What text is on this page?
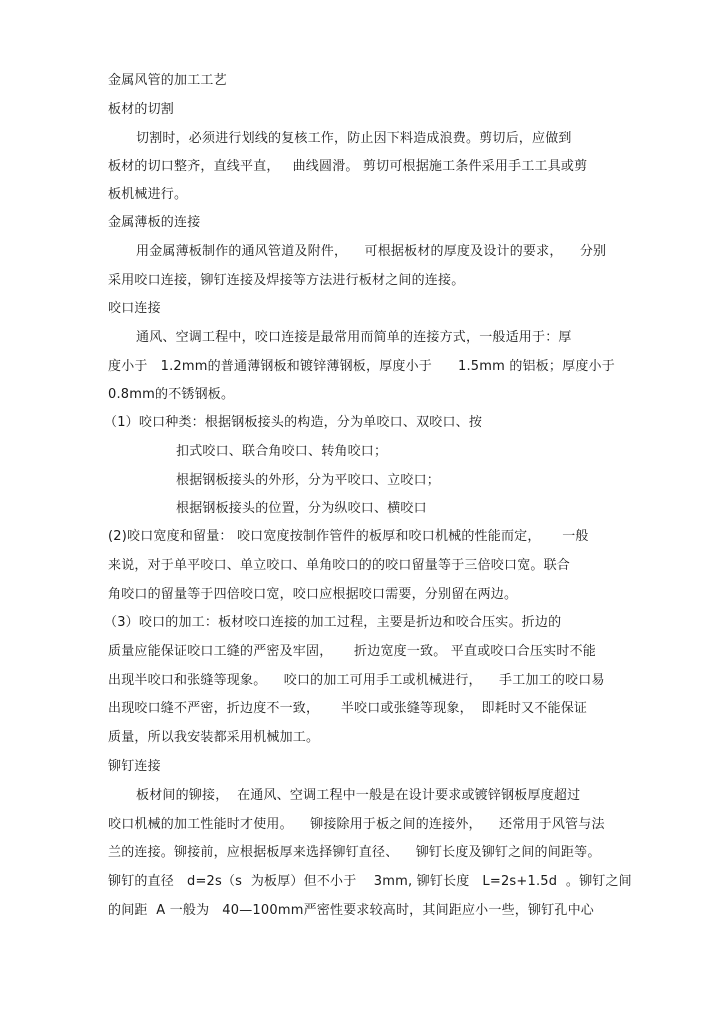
金属风管的加工工艺
板材的切割
切割时，必须进行划线的复核工作，防止因下料造成浪费。剪切后，应做到
板材的切口整齐，直线平直，   曲线圆滑。 剪切可根据施工条件采用手工工具或剪
板机械进行。
金属薄板的连接
用金属薄板制作的通风管道及附件，    可根据板材的厚度及设计的要求，    分别
采用咬口连接，铆钉连接及焊接等方法进行板材之间的连接。
咬口连接
通风、空调工程中，咬口连接是最常用而简单的连接方式，一般适用于：厚
度小于   1.2mm的普通薄钢板和镀锌薄钢板，厚度小于      1.5mm 的铝板；厚度小于
0.8mm的不锈钢板。
（1）咬口种类：根据钢板接头的构造，分为单咬口、双咬口、按
扣式咬口、联合角咬口、转角咬口；
根据钢板接头的外形，分为平咬口、立咬口；
根据钢板接头的位置，分为纵咬口、横咬口
(2)咬口宽度和留量： 咬口宽度按制作管件的板厚和咬口机械的性能而定，     一般
来说，对于单平咬口、单立咬口、单角咬口的的咬口留量等于三倍咬口宽。联合
角咬口的留量等于四倍咬口宽，咬口应根据咬口需要，分别留在两边。
（3）咬口的加工：板材咬口连接的加工过程，主要是折边和咬合压实。折边的
质量应能保证咬口工缝的严密及牢固，     折边宽度一致。 平直或咬口合压实时不能
出现半咬口和张缝等现象。    咬口的加工可用手工或机械进行，    手工加工的咬口易
出现咬口缝不严密，折边度不一致，     半咬口或张缝等现象，  即耗时又不能保证
质量，所以我安装都采用机械加工。
铆钉连接
板材间的铆接，  在通风、空调工程中一般是在设计要求或镀锌钢板厚度超过
咬口机械的加工性能时才使用。    铆接除用于板之间的连接外，    还常用于风管与法
兰的连接。铆接前，应根据板厚来选择铆钉直径、    铆钉长度及铆钉之间的间距等。
铆钉的直径   d=2s（s  为板厚）但不小于    3mm, 铆钉长度   L=2s+1.5d  。铆钉之间
的间距  A 一般为   40—100mm严密性要求较高时，其间距应小一些，铆钉孔中心
